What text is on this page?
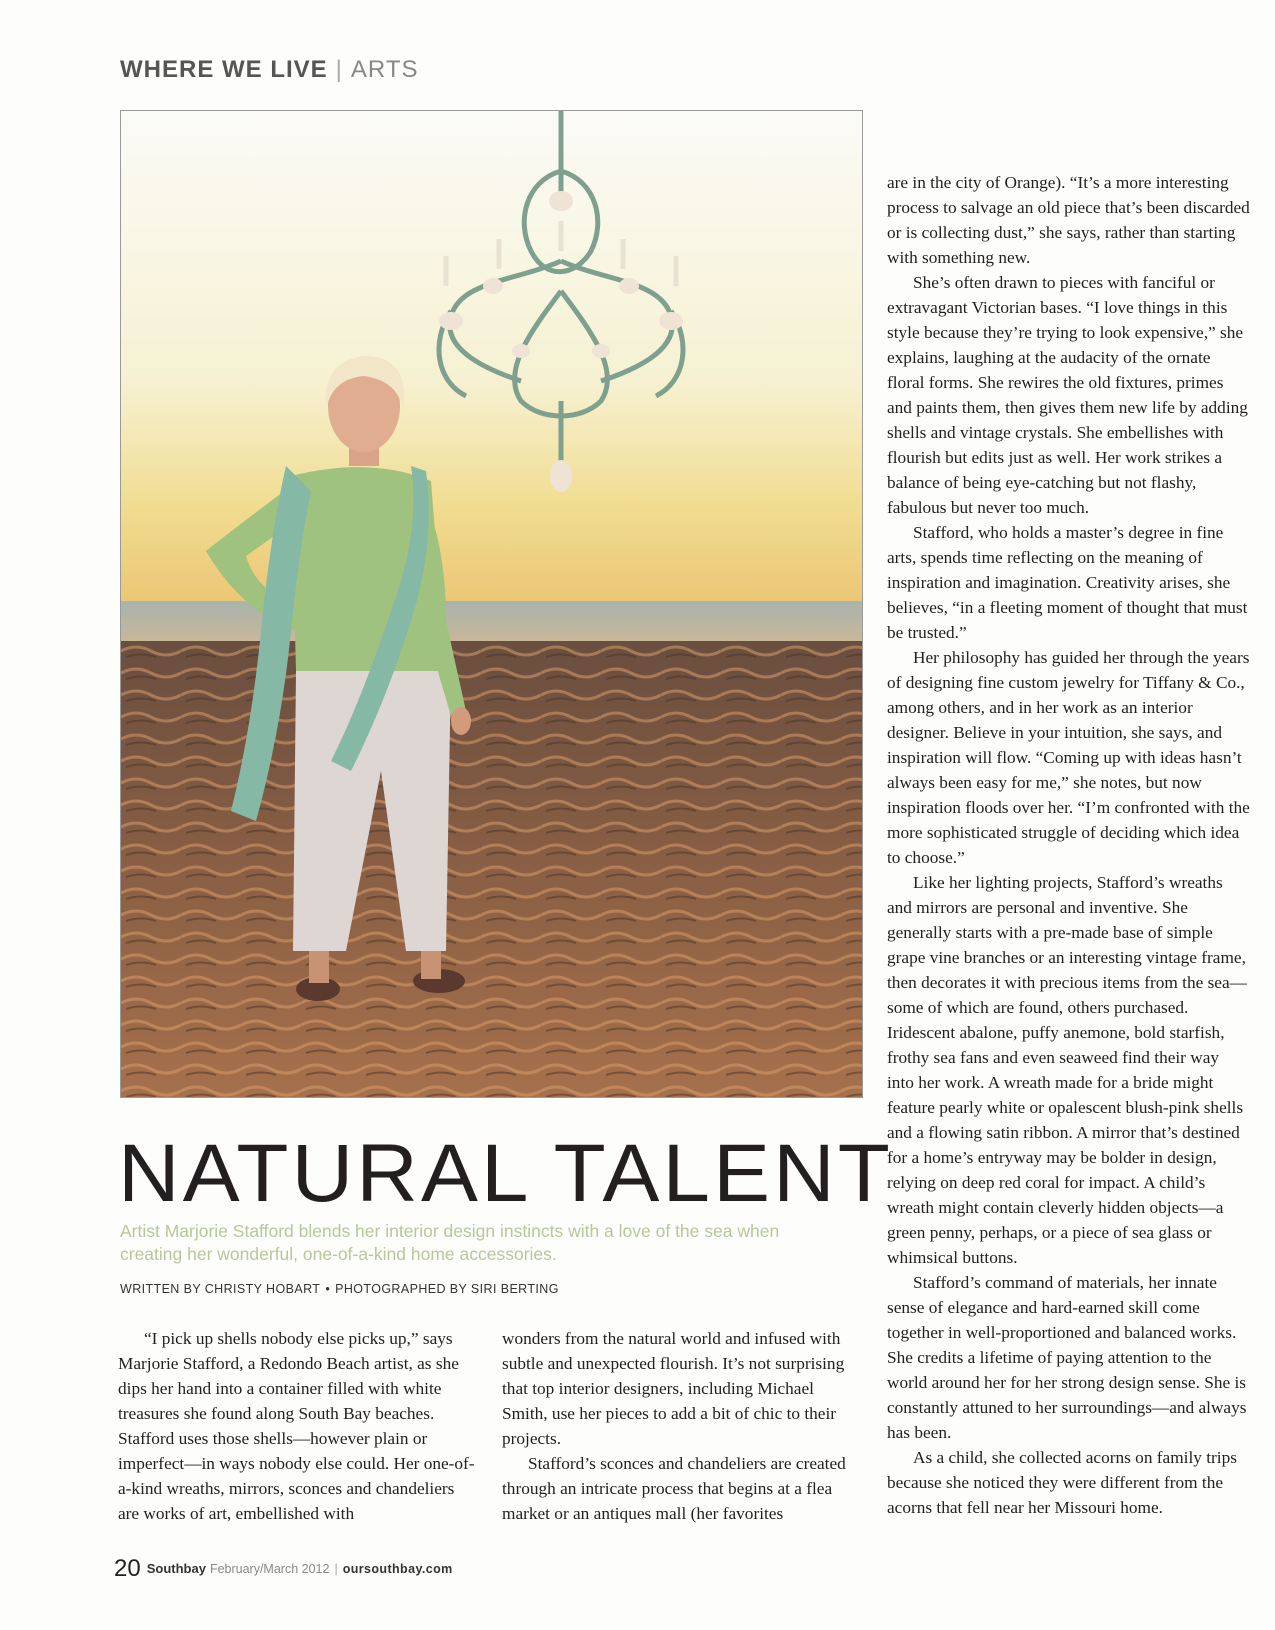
WHERE WE LIVE | ARTS
NATURAL TALENT

Artist Marjorie Stafford blends her interior design instincts with a love of the sea when creating her wonderful, one-of-a-kind home accessories.

WRITTEN BY CHRISTY HOBART • PHOTOGRAPHED BY SIRI BERTING

“I pick up shells nobody else picks up,” says Marjorie Stafford, a Redondo Beach artist, as she dips her hand into a container filled with white treasures she found along South Bay beaches. Stafford uses those shells—however plain or imperfect—in ways nobody else could. Her one-of-a-kind wreaths, mirrors, sconces and chandeliers are works of art, embellished with

wonders from the natural world and infused with subtle and unexpected flourish. It’s not surprising that top interior designers, including Michael Smith, use her pieces to add a bit of chic to their projects.

Stafford’s sconces and chandeliers are created through an intricate process that begins at a flea market or an antiques mall (her favorites

are in the city of Orange). “It’s a more interesting process to salvage an old piece that’s been discarded or is collecting dust,” she says, rather than starting with something new.

She’s often drawn to pieces with fanciful or extravagant Victorian bases. “I love things in this style because they’re trying to look expensive,” she explains, laughing at the audacity of the ornate floral forms. She rewires the old fixtures, primes and paints them, then gives them new life by adding shells and vintage crystals. She embellishes with flourish but edits just as well. Her work strikes a balance of being eye-catching but not flashy, fabulous but never too much.

Stafford, who holds a master’s degree in fine arts, spends time reflecting on the meaning of inspiration and imagination. Creativity arises, she believes, “in a fleeting moment of thought that must be trusted.”

Her philosophy has guided her through the years of designing fine custom jewelry for Tiffany & Co., among others, and in her work as an interior designer. Believe in your intuition, she says, and inspiration will flow. “Coming up with ideas hasn’t always been easy for me,” she notes, but now inspiration floods over her. “I’m confronted with the more sophisticated struggle of deciding which idea to choose.”

Like her lighting projects, Stafford’s wreaths and mirrors are personal and inventive. She generally starts with a pre-made base of simple grape vine branches or an interesting vintage frame, then decorates it with precious items from the sea—some of which are found, others purchased. Iridescent abalone, puffy anemone, bold starfish, frothy sea fans and even seaweed find their way into her work. A wreath made for a bride might feature pearly white or opalescent blush-pink shells and a flowing satin ribbon. A mirror that’s destined for a home’s entryway may be bolder in design, relying on deep red coral for impact. A child’s wreath might contain cleverly hidden objects—a green penny, perhaps, or a piece of sea glass or whimsical buttons.

Stafford’s command of materials, her innate sense of elegance and hard-earned skill come together in well-proportioned and balanced works. She credits a lifetime of paying attention to the world around her for her strong design sense. She is constantly attuned to her surroundings—and always has been.

As a child, she collected acorns on family trips because she noticed they were different from the acorns that fell near her Missouri home.

20 Southbay February/March 2012 | oursouthbay.com
